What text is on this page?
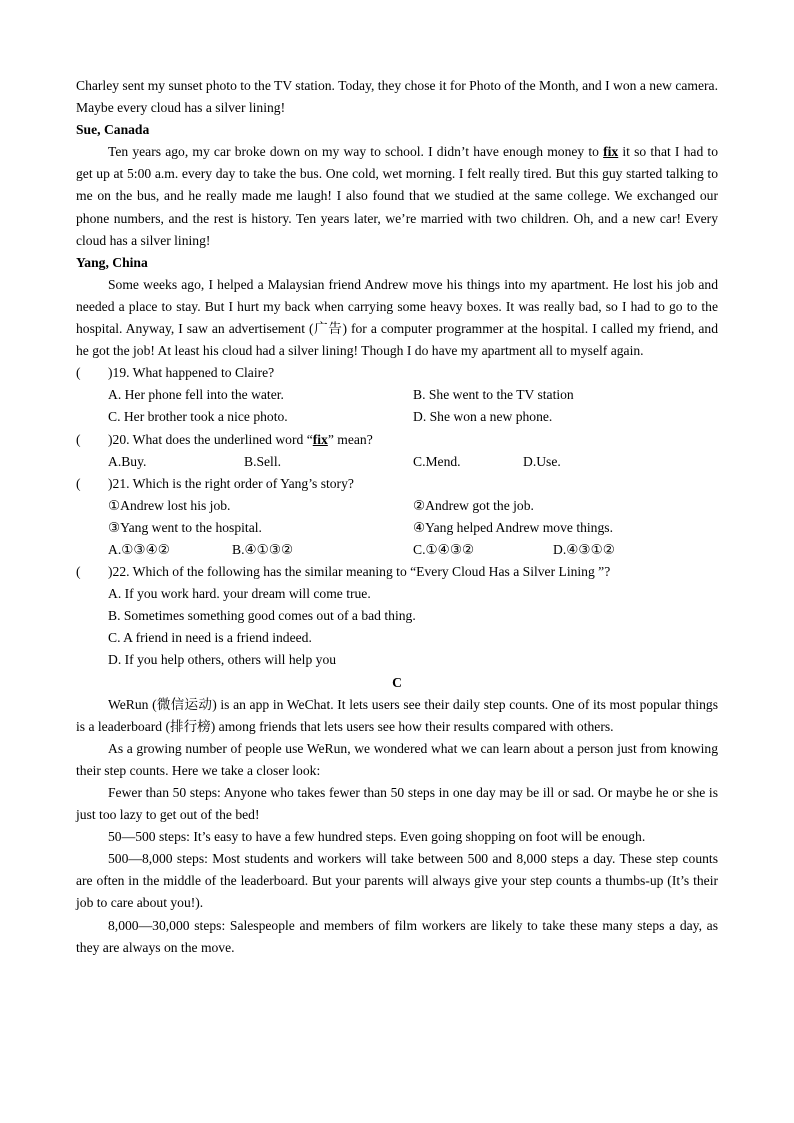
Charley sent my sunset photo to the TV station. Today, they chose it for Photo of the Month, and I won a new camera. Maybe every cloud has a silver lining!

Sue, Canada

Ten years ago, my car broke down on my way to school. I didn’t have enough money to fix it so that I had to get up at 5:00 a.m. every day to take the bus. One cold, wet morning. I felt really tired. But this guy started talking to me on the bus, and he really made me laugh! I also found that we studied at the same college. We exchanged our phone numbers, and the rest is history. Ten years later, we’re married with two children. Oh, and a new car! Every cloud has a silver lining!

Yang, China

Some weeks ago, I helped a Malaysian friend Andrew move his things into my apartment. He lost his job and needed a place to stay. But I hurt my back when carrying some heavy boxes. It was really bad, so I had to go to the hospital. Anyway, I saw an advertisement (广告) for a computer programmer at the hospital. I called my friend, and he got the job! At least his cloud had a silver lining! Though I do have my apartment all to myself again.

( )19. What happened to Claire?
A. Her phone fell into the water.	B. She went to the TV station
C. Her brother took a nice photo.	D. She won a new phone.
( )20. What does the underlined word “fix” mean?
A.Buy.	B.Sell.	C.Mend.	D.Use.
( )21. Which is the right order of Yang’s story?
①Andrew lost his job.	②Andrew got the job.
③Yang went to the hospital.	④Yang helped Andrew move things.
A.①③④②	B.④①③②	C.①④③②	D.④③①②
( )22. Which of the following has the similar meaning to “Every Cloud Has a Silver Lining ”?
A. If you work hard. your dream will come true.
B. Sometimes something good comes out of a bad thing.
C. A friend in need is a friend indeed.
D. If you help others, others will help you

C

WeRun (微信运动) is an app in WeChat. It lets users see their daily step counts. One of its most popular things is a leaderboard (排行榜) among friends that lets users see how their results compared with others.

As a growing number of people use WeRun, we wondered what we can learn about a person just from knowing their step counts. Here we take a closer look:

Fewer than 50 steps: Anyone who takes fewer than 50 steps in one day may be ill or sad. Or maybe he or she is just too lazy to get out of the bed!

50—500 steps: It’s easy to have a few hundred steps. Even going shopping on foot will be enough.

500—8,000 steps: Most students and workers will take between 500 and 8,000 steps a day. These step counts are often in the middle of the leaderboard. But your parents will always give your step counts a thumbs-up (It’s their job to care about you!).

8,000—30,000 steps: Salespeople and members of film workers are likely to take these many steps a day, as they are always on the move.
